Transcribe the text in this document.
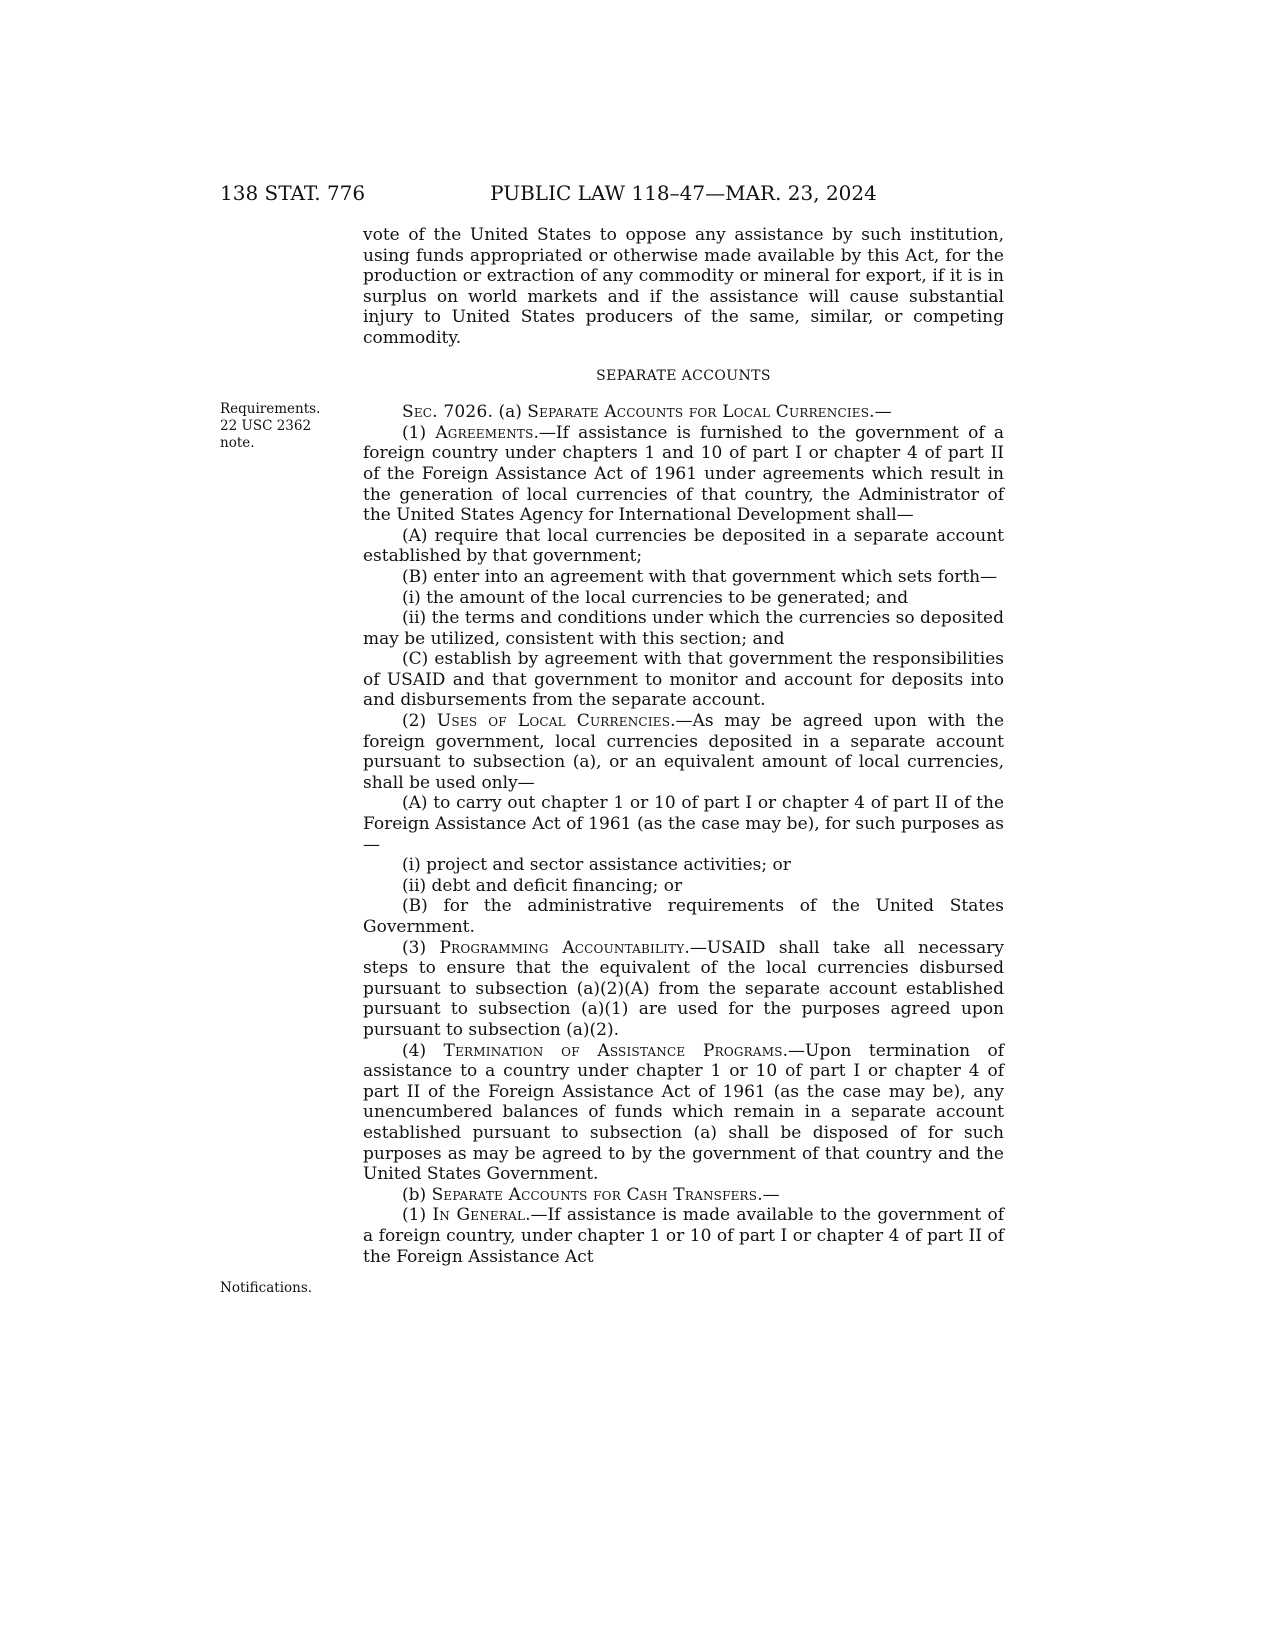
138 STAT. 776	PUBLIC LAW 118–47—MAR. 23, 2024
Requirements.
22 USC 2362
note.
Notifications.

vote of the United States to oppose any assistance by such institution, using funds appropriated or otherwise made available by this Act, for the production or extraction of any commodity or mineral for export, if it is in surplus on world markets and if the assistance will cause substantial injury to United States producers of the same, similar, or competing commodity.

SEPARATE ACCOUNTS

Sec. 7026. (a) Separate Accounts for Local Currencies.—

(1) Agreements.—If assistance is furnished to the government of a foreign country under chapters 1 and 10 of part I or chapter 4 of part II of the Foreign Assistance Act of 1961 under agreements which result in the generation of local currencies of that country, the Administrator of the United States Agency for International Development shall—

(A) require that local currencies be deposited in a separate account established by that government;

(B) enter into an agreement with that government which sets forth—

(i) the amount of the local currencies to be generated; and

(ii) the terms and conditions under which the currencies so deposited may be utilized, consistent with this section; and

(C) establish by agreement with that government the responsibilities of USAID and that government to monitor and account for deposits into and disbursements from the separate account.

(2) Uses of Local Currencies.—As may be agreed upon with the foreign government, local currencies deposited in a separate account pursuant to subsection (a), or an equivalent amount of local currencies, shall be used only—

(A) to carry out chapter 1 or 10 of part I or chapter 4 of part II of the Foreign Assistance Act of 1961 (as the case may be), for such purposes as—

(i) project and sector assistance activities; or

(ii) debt and deficit financing; or

(B) for the administrative requirements of the United States Government.

(3) Programming Accountability.—USAID shall take all necessary steps to ensure that the equivalent of the local currencies disbursed pursuant to subsection (a)(2)(A) from the separate account established pursuant to subsection (a)(1) are used for the purposes agreed upon pursuant to subsection (a)(2).

(4) Termination of Assistance Programs.—Upon termination of assistance to a country under chapter 1 or 10 of part I or chapter 4 of part II of the Foreign Assistance Act of 1961 (as the case may be), any unencumbered balances of funds which remain in a separate account established pursuant to subsection (a) shall be disposed of for such purposes as may be agreed to by the government of that country and the United States Government.

(b) Separate Accounts for Cash Transfers.—

(1) In General.—If assistance is made available to the government of a foreign country, under chapter 1 or 10 of part I or chapter 4 of part II of the Foreign Assistance Act
